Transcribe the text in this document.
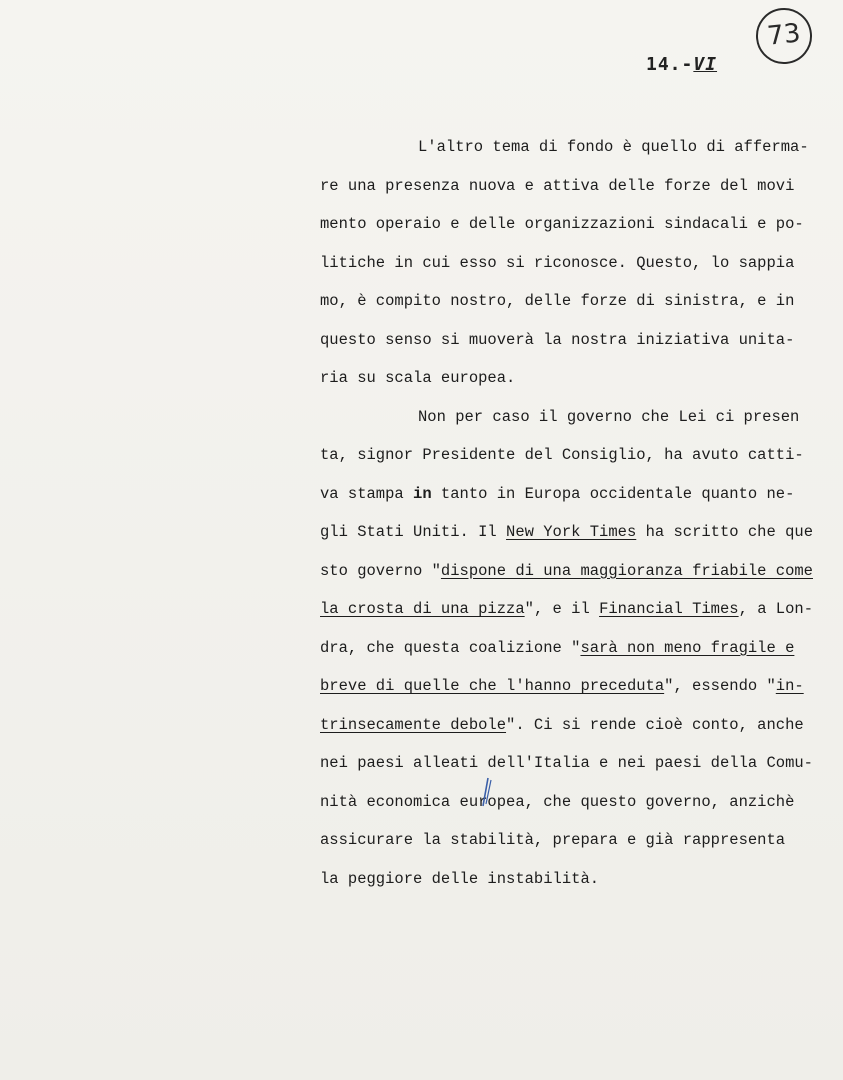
73
14.-VI
L'altro tema di fondo è quello di afferma-
re una presenza nuova e attiva delle forze del movi
mento operaio e delle organizzazioni sindacali e po-
litiche in cui esso si riconosce. Questo, lo sappia
mo, è compito nostro, delle forze di sinistra, e in
questo senso si muoverà la nostra iniziativa unita-
ria su scala europea.
Non per caso il governo che Lei ci presen
ta, signor Presidente del Consiglio, ha avuto catti-
va stampa in tanto in Europa occidentale quanto ne-
gli Stati Uniti. Il New York Times ha scritto che que
sto governo "dispone di una maggioranza friabile come
la crosta di una pizza", e il Financial Times, a Lon-
dra, che questa coalizione "sarà non meno fragile e
breve di quelle che l'hanno preceduta", essendo "in-
trinsecamente debole". Ci si rende cioè conto, anche
nei paesi alleati dell'Italia e nei paesi della Comu-
nità economica europea, che questo governo, anzichè
assicurare la stabilità, prepara e già rappresenta
la peggiore delle instabilità.
